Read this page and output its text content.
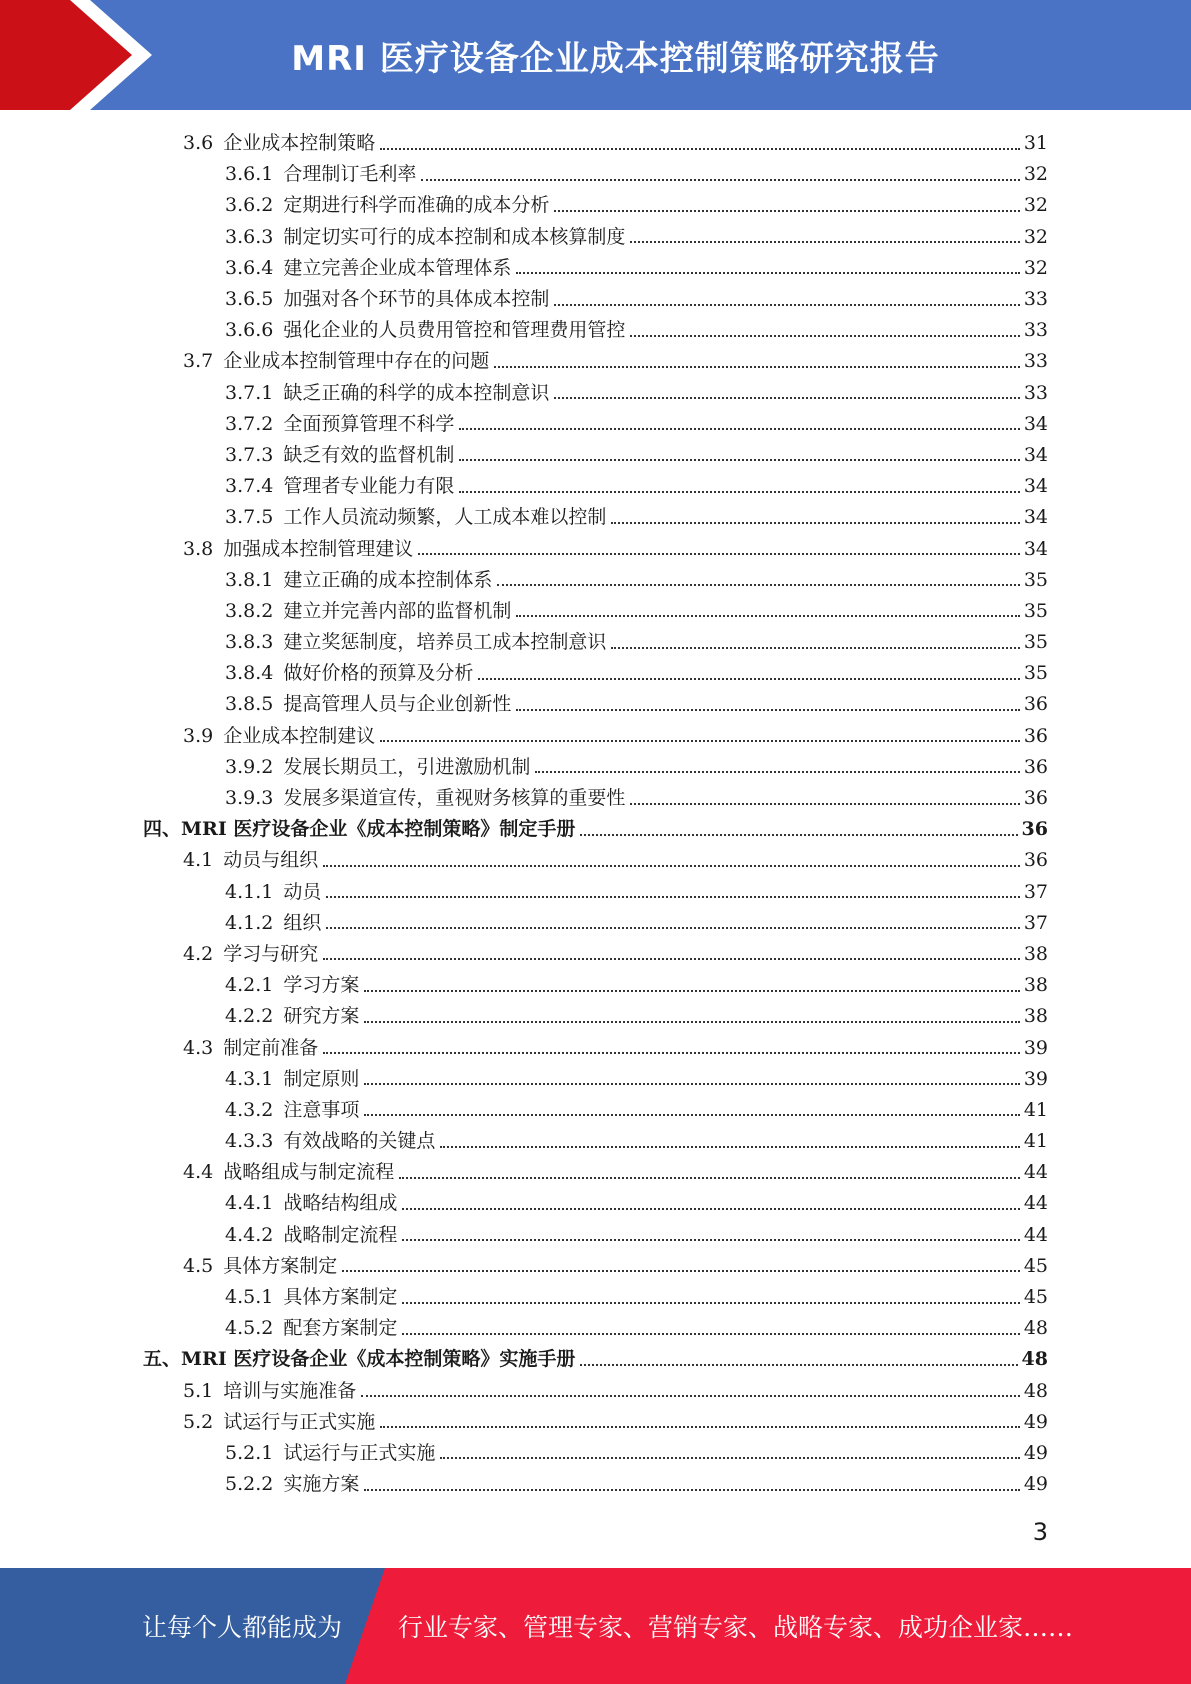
MRI 医疗设备企业成本控制策略研究报告
3.6 企业成本控制策略	31
3.6.1 合理制订毛利率	32
3.6.2 定期进行科学而准确的成本分析	32
3.6.3 制定切实可行的成本控制和成本核算制度	32
3.6.4 建立完善企业成本管理体系	32
3.6.5 加强对各个环节的具体成本控制	33
3.6.6 强化企业的人员费用管控和管理费用管控	33
3.7 企业成本控制管理中存在的问题	33
3.7.1 缺乏正确的科学的成本控制意识	33
3.7.2 全面预算管理不科学	34
3.7.3 缺乏有效的监督机制	34
3.7.4 管理者专业能力有限	34
3.7.5 工作人员流动频繁，人工成本难以控制	34
3.8 加强成本控制管理建议	34
3.8.1 建立正确的成本控制体系	35
3.8.2 建立并完善内部的监督机制	35
3.8.3 建立奖惩制度，培养员工成本控制意识	35
3.8.4 做好价格的预算及分析	35
3.8.5 提高管理人员与企业创新性	36
3.9 企业成本控制建议	36
3.9.2 发展长期员工，引进激励机制	36
3.9.3 发展多渠道宣传，重视财务核算的重要性	36
四、MRI 医疗设备企业《成本控制策略》制定手册	36
4.1 动员与组织	36
4.1.1 动员	37
4.1.2 组织	37
4.2 学习与研究	38
4.2.1 学习方案	38
4.2.2 研究方案	38
4.3 制定前准备	39
4.3.1 制定原则	39
4.3.2 注意事项	41
4.3.3 有效战略的关键点	41
4.4 战略组成与制定流程	44
4.4.1 战略结构组成	44
4.4.2 战略制定流程	44
4.5 具体方案制定	45
4.5.1 具体方案制定	45
4.5.2 配套方案制定	48
五、MRI 医疗设备企业《成本控制策略》实施手册	48
5.1 培训与实施准备	48
5.2 试运行与正式实施	49
5.2.1 试运行与正式实施	49
5.2.2 实施方案	49
3
让每个人都能成为 行业专家、管理专家、营销专家、战略专家、成功企业家……
